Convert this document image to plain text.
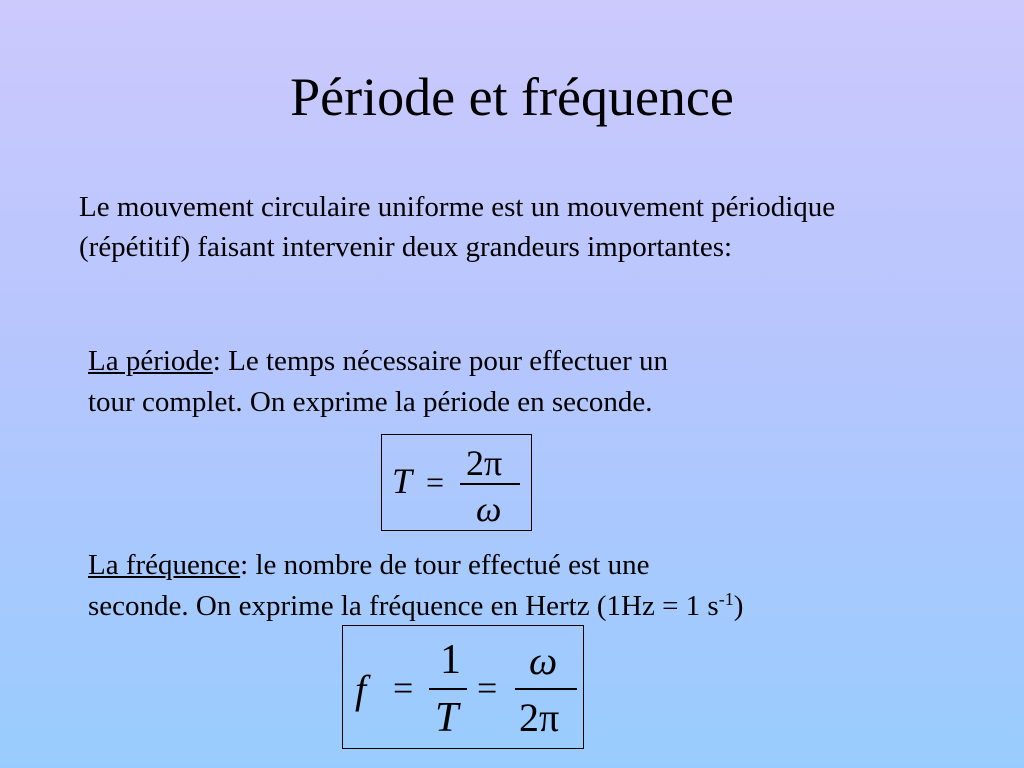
Période et fréquence
Le mouvement circulaire uniforme est un mouvement périodique (répétitif) faisant intervenir deux grandeurs importantes:
La période: Le temps nécessaire pour effectuer un
tour complet. On exprime la période en seconde.
T = 2π
ω
La fréquence: le nombre de tour effectué est une
seconde. On exprime la fréquence en Hertz (1Hz = 1 $s^{-1}$)
f =
1
T
=
ω
2π
